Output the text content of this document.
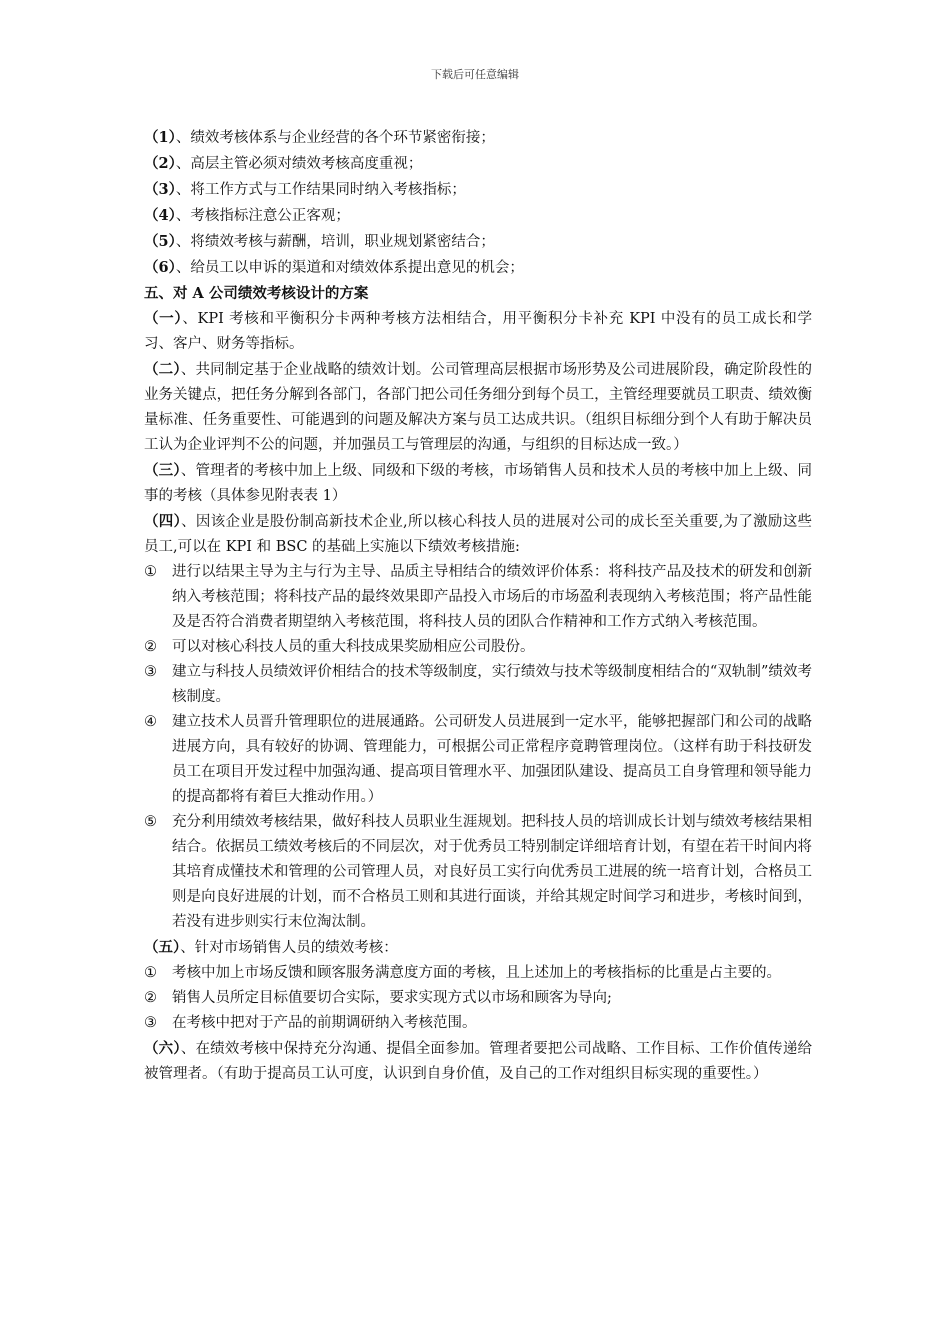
下载后可任意编辑

（1）、绩效考核体系与企业经营的各个环节紧密衔接；

（2）、高层主管必须对绩效考核高度重视；

（3）、将工作方式与工作结果同时纳入考核指标；

（4）、考核指标注意公正客观；

（5）、将绩效考核与薪酬，培训，职业规划紧密结合；

（6）、给员工以申诉的渠道和对绩效体系提出意见的机会；

五、对 A 公司绩效考核设计的方案

（一）、KPI 考核和平衡积分卡两种考核方法相结合，用平衡积分卡补充 KPI 中没有的员工成长和学习、客户、财务等指标。

（二）、共同制定基于企业战略的绩效计划。公司管理高层根据市场形势及公司进展阶段，确定阶段性的业务关键点，把任务分解到各部门，各部门把公司任务细分到每个员工，主管经理要就员工职责、绩效衡量标准、任务重要性、可能遇到的问题及解决方案与员工达成共识。（组织目标细分到个人有助于解决员工认为企业评判不公的问题，并加强员工与管理层的沟通，与组织的目标达成一致。）

（三）、管理者的考核中加上上级、同级和下级的考核，市场销售人员和技术人员的考核中加上上级、同事的考核（具体参见附表表 1）

（四）、因该企业是股份制高新技术企业,所以核心科技人员的进展对公司的成长至关重要,为了激励这些员工,可以在 KPI 和 BSC 的基础上实施以下绩效考核措施:

①	进行以结果主导为主与行为主导、品质主导相结合的绩效评价体系：将科技产品及技术的研发和创新纳入考核范围；将科技产品的最终效果即产品投入市场后的市场盈利表现纳入考核范围；将产品性能及是否符合消费者期望纳入考核范围，将科技人员的团队合作精神和工作方式纳入考核范围。
②	可以对核心科技人员的重大科技成果奖励相应公司股份。
③	建立与科技人员绩效评价相结合的技术等级制度，实行绩效与技术等级制度相结合的“双轨制”绩效考核制度。
④	建立技术人员晋升管理职位的进展通路。公司研发人员进展到一定水平，能够把握部门和公司的战略进展方向，具有较好的协调、管理能力，可根据公司正常程序竟聘管理岗位。（这样有助于科技研发员工在项目开发过程中加强沟通、提高项目管理水平、加强团队建设、提高员工自身管理和领导能力的提高都将有着巨大推动作用。）
⑤	充分利用绩效考核结果，做好科技人员职业生涯规划。把科技人员的培训成长计划与绩效考核结果相结合。依据员工绩效考核后的不同层次，对于优秀员工特别制定详细培育计划，有望在若干时间内将其培育成懂技术和管理的公司管理人员，对良好员工实行向优秀员工进展的统一培育计划，合格员工则是向良好进展的计划，而不合格员工则和其进行面谈，并给其规定时间学习和进步，考核时间到，若没有进步则实行末位淘汰制。

（五）、针对市场销售人员的绩效考核：

①	考核中加上市场反馈和顾客服务满意度方面的考核，且上述加上的考核指标的比重是占主要的。
②	销售人员所定目标值要切合实际，要求实现方式以市场和顾客为导向;
③	在考核中把对于产品的前期调研纳入考核范围。

（六）、在绩效考核中保持充分沟通、提倡全面参加。管理者要把公司战略、工作目标、工作价值传递给被管理者。（有助于提高员工认可度，认识到自身价值，及自己的工作对组织目标实现的重要性。）
